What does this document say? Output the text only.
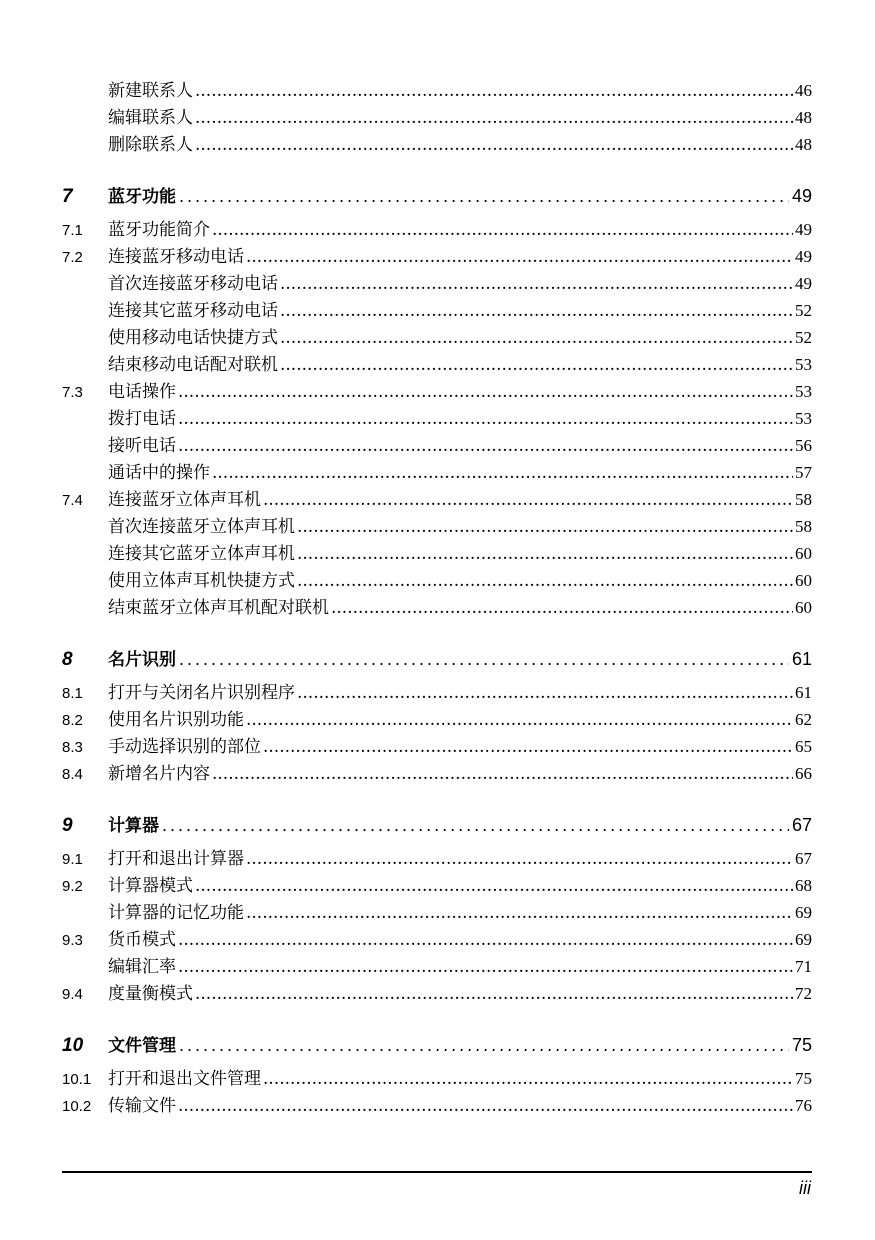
新建联系人 .....	46
编辑联系人 .....	48
删除联系人 .....	48
7	蓝牙功能 . . .	49
7.1	蓝牙功能简介 .....	49
7.2	连接蓝牙移动电话 .....	49
首次连接蓝牙移动电话 .....	49
连接其它蓝牙移动电话 .....	52
使用移动电话快捷方式 .....	52
结束移动电话配对联机 .....	53
7.3	电话操作 .....	53
拨打电话 .....	53
接听电话 .....	56
通话中的操作 .....	57
7.4	连接蓝牙立体声耳机 .....	58
首次连接蓝牙立体声耳机 .....	58
连接其它蓝牙立体声耳机 .....	60
使用立体声耳机快捷方式 .....	60
结束蓝牙立体声耳机配对联机 .....	60
8	名片识别 . . .	61
8.1	打开与关闭名片识别程序 .....	61
8.2	使用名片识别功能 .....	62
8.3	手动选择识别的部位 .....	65
8.4	新增名片内容 .....	66
9	计算器 . . .	67
9.1	打开和退出计算器 .....	67
9.2	计算器模式 .....	68
计算器的记忆功能 .....	69
9.3	货币模式 .....	69
编辑汇率 .....	71
9.4	度量衡模式 .....	72
10	文件管理 . . .	75
10.1 打开和退出文件管理 .....	75
10.2 传输文件 .....	76
iii
